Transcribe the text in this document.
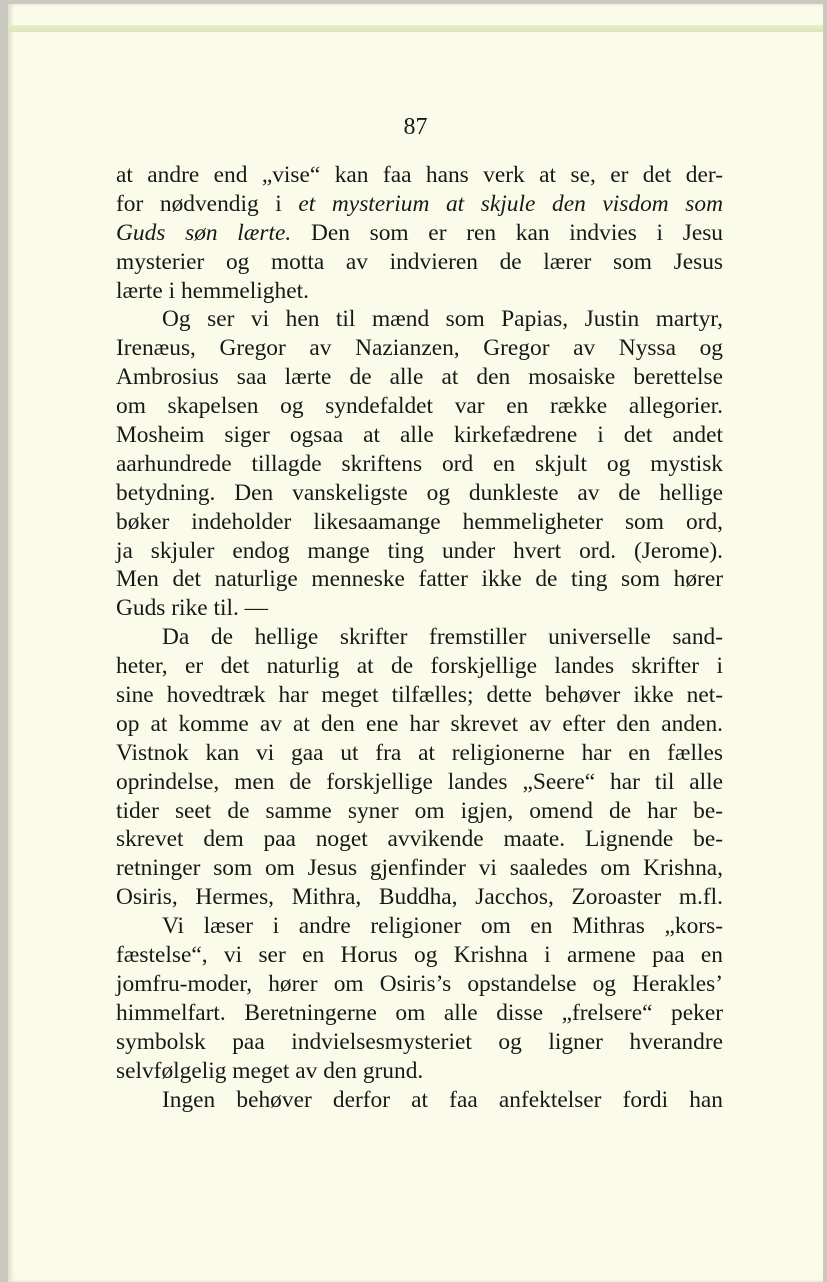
87
at andre end „vise“ kan faa hans verk at se, er det der-
for nødvendig i et mysterium at skjule den visdom som
Guds søn lærte. Den som er ren kan indvies i Jesu
mysterier og motta av indvieren de lærer som Jesus
lærte i hemmelighet.
Og ser vi hen til mænd som Papias, Justin martyr,
Irenæus, Gregor av Nazianzen, Gregor av Nyssa og
Ambrosius saa lærte de alle at den mosaiske berettelse
om skapelsen og syndefaldet var en række allegorier.
Mosheim siger ogsaa at alle kirkefædrene i det andet
aarhundrede tillagde skriftens ord en skjult og mystisk
betydning. Den vanskeligste og dunkleste av de hellige
bøker indeholder likesaamange hemmeligheter som ord,
ja skjuler endog mange ting under hvert ord. (Jerome).
Men det naturlige menneske fatter ikke de ting som hører
Guds rike til. —
Da de hellige skrifter fremstiller universelle sand-
heter, er det naturlig at de forskjellige landes skrifter i
sine hovedtræk har meget tilfælles; dette behøver ikke net-
op at komme av at den ene har skrevet av efter den anden.
Vistnok kan vi gaa ut fra at religionerne har en fælles
oprindelse, men de forskjellige landes „Seere“ har til alle
tider seet de samme syner om igjen, omend de har be-
skrevet dem paa noget avvikende maate. Lignende be-
retninger som om Jesus gjenfinder vi saaledes om Krishna,
Osiris, Hermes, Mithra, Buddha, Jacchos, Zoroaster m.fl.
Vi læser i andre religioner om en Mithras „kors-
fæstelse“, vi ser en Horus og Krishna i armene paa en
jomfru-moder, hører om Osiris’s opstandelse og Herakles’
himmelfart. Beretningerne om alle disse „frelsere“ peker
symbolsk paa indvielsesmysteriet og ligner hverandre
selvfølgelig meget av den grund.
Ingen behøver derfor at faa anfektelser fordi han
